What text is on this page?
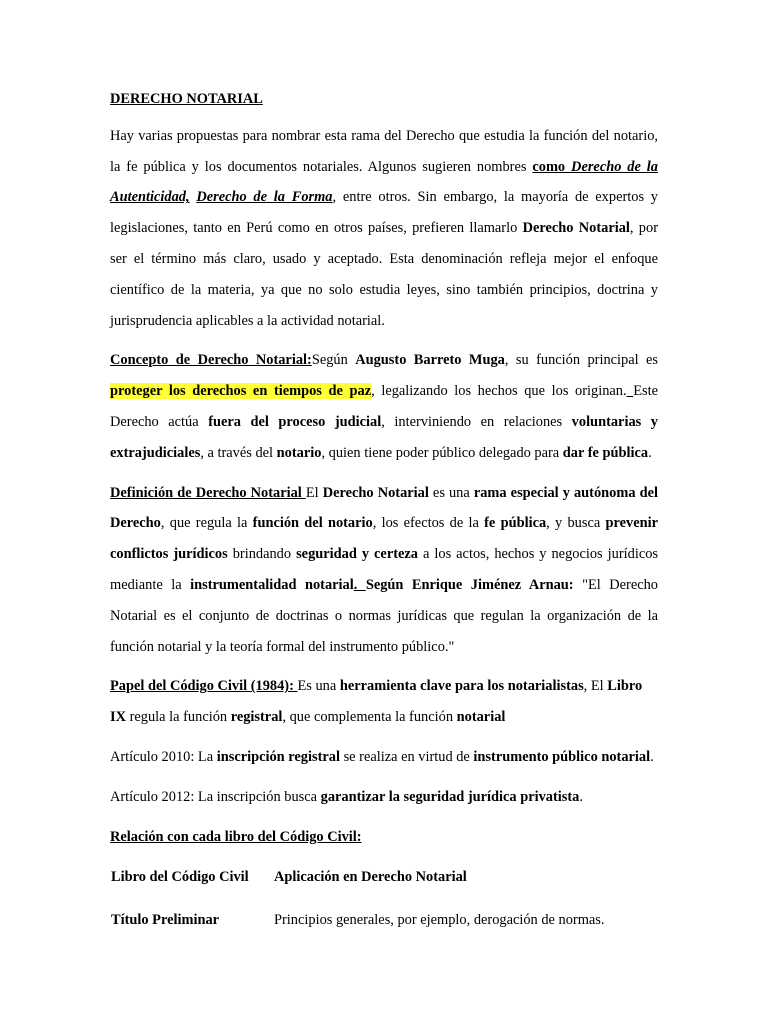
DERECHO NOTARIAL

Hay varias propuestas para nombrar esta rama del Derecho que estudia la función del notario, la fe pública y los documentos notariales. Algunos sugieren nombres como Derecho de la Autenticidad, Derecho de la Forma, entre otros. Sin embargo, la mayoría de expertos y legislaciones, tanto en Perú como en otros países, prefieren llamarlo Derecho Notarial, por ser el término más claro, usado y aceptado. Esta denominación refleja mejor el enfoque científico de la materia, ya que no solo estudia leyes, sino también principios, doctrina y jurisprudencia aplicables a la actividad notarial.

Concepto de Derecho Notarial:Según Augusto Barreto Muga, su función principal es proteger los derechos en tiempos de paz, legalizando los hechos que los originan. Este Derecho actúa fuera del proceso judicial, interviniendo en relaciones voluntarias y extrajudiciales, a través del notario, quien tiene poder público delegado para dar fe pública.

Definición de Derecho Notarial El Derecho Notarial es una rama especial y autónoma del Derecho, que regula la función del notario, los efectos de la fe pública, y busca prevenir conflictos jurídicos brindando seguridad y certeza a los actos, hechos y negocios jurídicos mediante la instrumentalidad notarial. Según Enrique Jiménez Arnau: "El Derecho Notarial es el conjunto de doctrinas o normas jurídicas que regulan la organización de la función notarial y la teoría formal del instrumento público."

Papel del Código Civil (1984): Es una herramienta clave para los notarialistas, El Libro IX regula la función registral, que complementa la función notarial

Artículo 2010: La inscripción registral se realiza en virtud de instrumento público notarial.

Artículo 2012: La inscripción busca garantizar la seguridad jurídica privatista.

Relación con cada libro del Código Civil:

Libro del Código Civil Aplicación en Derecho Notarial
Título Preliminar	Principios generales, por ejemplo, derogación de normas.
